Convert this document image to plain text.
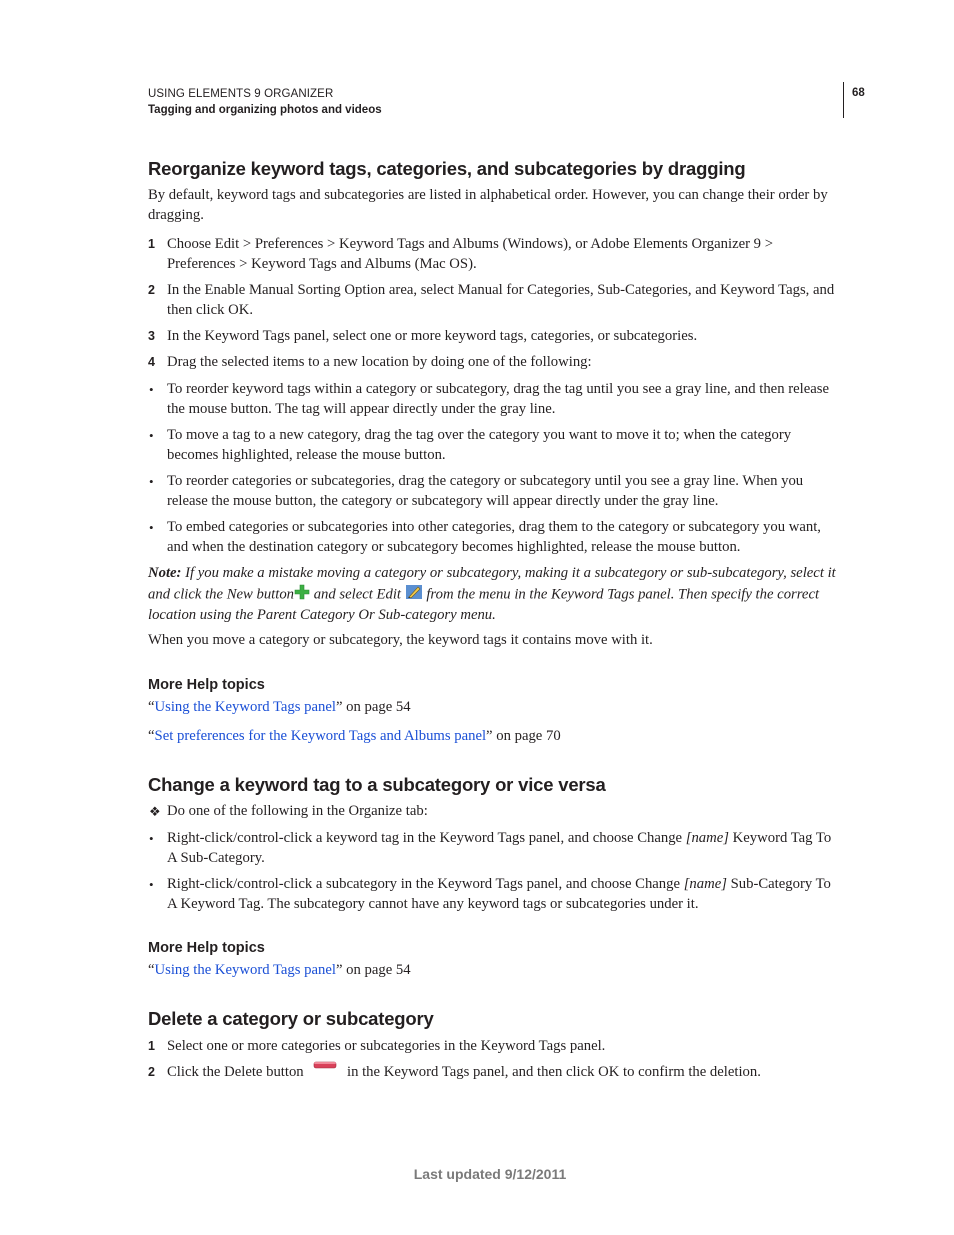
USING ELEMENTS 9 ORGANIZER
Tagging and organizing photos and videos
68
Reorganize keyword tags, categories, and subcategories by dragging
By default, keyword tags and subcategories are listed in alphabetical order. However, you can change their order by dragging.
1 Choose Edit > Preferences > Keyword Tags and Albums (Windows), or Adobe Elements Organizer 9 > Preferences > Keyword Tags and Albums (Mac OS).
2 In the Enable Manual Sorting Option area, select Manual for Categories, Sub-Categories, and Keyword Tags, and then click OK.
3 In the Keyword Tags panel, select one or more keyword tags, categories, or subcategories.
4 Drag the selected items to a new location by doing one of the following:
• To reorder keyword tags within a category or subcategory, drag the tag until you see a gray line, and then release the mouse button. The tag will appear directly under the gray line.
• To move a tag to a new category, drag the tag over the category you want to move it to; when the category becomes highlighted, release the mouse button.
• To reorder categories or subcategories, drag the category or subcategory until you see a gray line. When you release the mouse button, the category or subcategory will appear directly under the gray line.
• To embed categories or subcategories into other categories, drag them to the category or subcategory you want, and when the destination category or subcategory becomes highlighted, release the mouse button.
Note: If you make a mistake moving a category or subcategory, making it a subcategory or sub-subcategory, select it and click the New button and select Edit  from the menu in the Keyword Tags panel. Then specify the correct location using the Parent Category Or Sub-category menu.
When you move a category or subcategory, the keyword tags it contains move with it.
More Help topics
“Using the Keyword Tags panel” on page 54
“Set preferences for the Keyword Tags and Albums panel” on page 70
Change a keyword tag to a subcategory or vice versa
❖ Do one of the following in the Organize tab:
• Right-click/control-click a keyword tag in the Keyword Tags panel, and choose Change [name] Keyword Tag To A Sub-Category.
• Right-click/control-click a subcategory in the Keyword Tags panel, and choose Change [name] Sub-Category To A Keyword Tag. The subcategory cannot have any keyword tags or subcategories under it.
More Help topics
“Using the Keyword Tags panel” on page 54
Delete a category or subcategory
1 Select one or more categories or subcategories in the Keyword Tags panel.
2 Click the Delete button	in the Keyword Tags panel, and then click OK to confirm the deletion.
Last updated 9/12/2011
